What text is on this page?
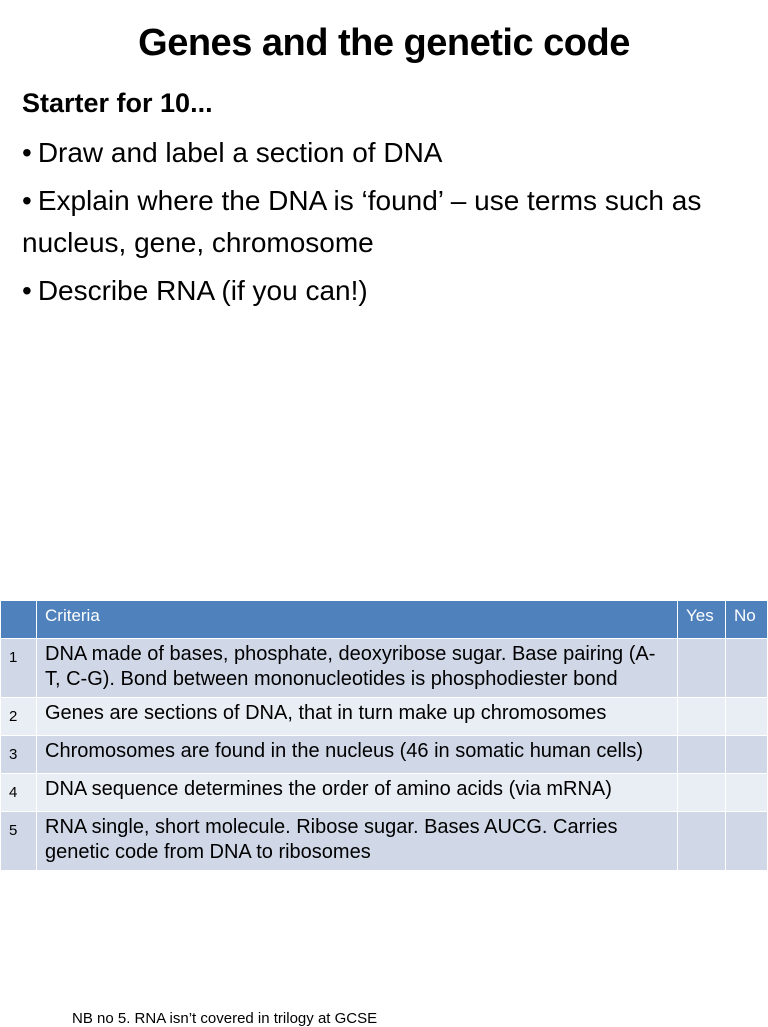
Genes and the genetic code
Starter for 10...
• Draw and label a section of DNA
• Explain where the DNA is ‘found’ – use terms such as nucleus, gene, chromosome
• Describe RNA (if you can!)
	Criteria	Yes	No
1	DNA made of bases, phosphate, deoxyribose sugar. Base pairing (A-T, C-G). Bond between mononucleotides is phosphodiester bond		
2	Genes are sections of DNA, that in turn make up chromosomes		
3	Chromosomes are found in the nucleus (46 in somatic human cells)		
4	DNA sequence determines the order of amino acids (via mRNA)		
5	RNA single, short molecule. Ribose sugar. Bases AUCG. Carries genetic code from DNA to ribosomes		
NB no 5. RNA isn’t covered in trilogy at GCSE
